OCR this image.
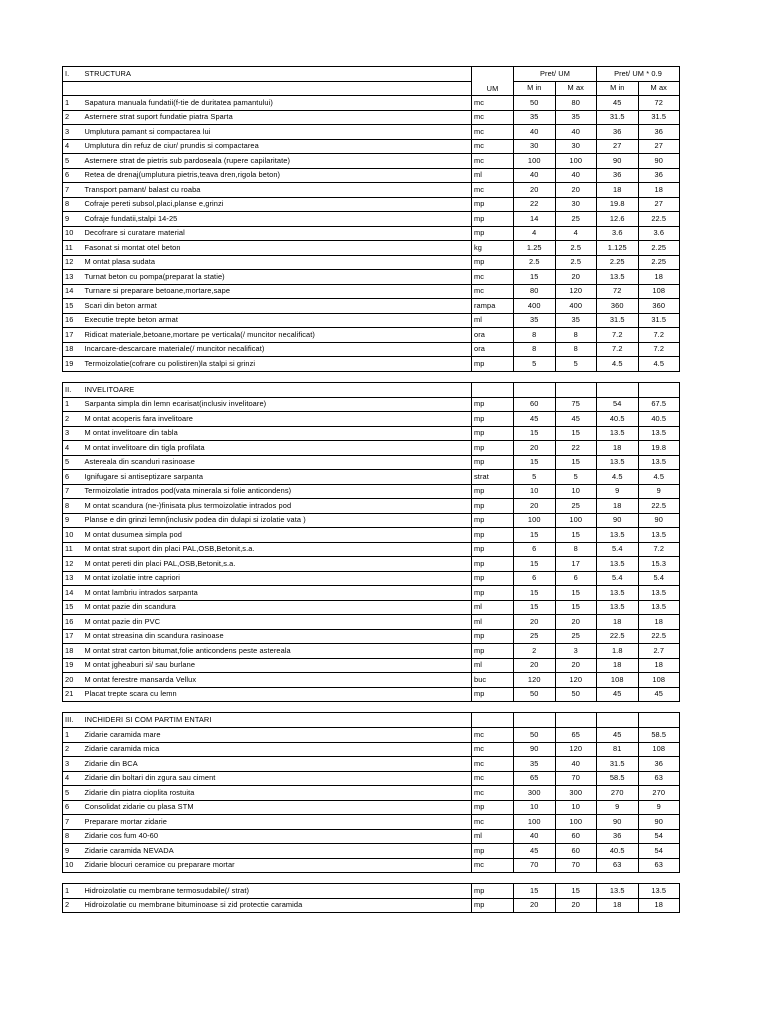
I.	STRUCTURA	UM	Pret/ UM		Pret/ UM * 0.9	
			M in	M ax	M in	M ax
1	Sapatura manuala fundatii(f-tie de duritatea pamantului)	mc	50	80	45	72
2	Asternere strat suport fundatie piatra Sparta	mc	35	35	31.5	31.5
3	Umplutura pamant si compactarea lui	mc	40	40	36	36
4	Umplutura din refuz de ciur/ prundis si compactarea	mc	30	30	27	27
5	Asternere strat de pietris sub pardoseala (rupere capilaritate)	mc	100	100	90	90
6	Retea de drenaj(umplutura pietris,teava dren,rigola beton)	ml	40	40	36	36
7	Transport pamant/ balast cu roaba	mc	20	20	18	18
8	Cofraje pereti subsol,placi,planse e,grinzi	mp	22	30	19.8	27
9	Cofraje fundatii,stalpi 14-25	mp	14	25	12.6	22.5
10	Decofrare si curatare material	mp	4	4	3.6	3.6
11	Fasonat si montat otel beton	kg	1.25	2.5	1.125	2.25
12	M ontat plasa sudata	mp	2.5	2.5	2.25	2.25
13	Turnat beton cu pompa(preparat la statie)	mc	15	20	13.5	18
14	Turnare si preparare betoane,mortare,sape	mc	80	120	72	108
15	Scari din beton armat	rampa	400	400	360	360
16	Executie trepte beton armat	ml	35	35	31.5	31.5
17	Ridicat materiale,betoane,mortare pe verticala(/ muncitor necalificat)	ora	8	8	7.2	7.2
18	Incarcare-descarcare materiale(/ muncitor necalificat)	ora	8	8	7.2	7.2
19	Termoizolatie(cofrare cu polistiren)la stalpi si grinzi	mp	5	5	4.5	4.5

II.	INVELITOARE					
1	Sarpanta simpla din lemn ecarisat(inclusiv invelitoare)	mp	60	75	54	67.5
2	M ontat acoperis fara invelitoare	mp	45	45	40.5	40.5
3	M ontat invelitoare din tabla	mp	15	15	13.5	13.5
4	M ontat invelitoare din tigla profilata	mp	20	22	18	19.8
5	Astereala din scanduri rasinoase	mp	15	15	13.5	13.5
6	Ignifugare si antiseptizare sarpanta	strat	5	5	4.5	4.5
7	Termoizolatie intrados pod(vata minerala si folie anticondens)	mp	10	10	9	9
8	M ontat scandura (ne-)finisata plus termoizolatie intrados pod	mp	20	25	18	22.5
9	Planse e din grinzi lemn(inclusiv podea din dulapi si izolatie vata )	mp	100	100	90	90
10	M ontat dusumea simpla pod	mp	15	15	13.5	13.5
11	M ontat strat suport din placi PAL,OSB,Betonit,s.a.	mp	6	8	5.4	7.2
12	M ontat pereti din placi PAL,OSB,Betonit,s.a.	mp	15	17	13.5	15.3
13	M ontat izolatie intre capriori	mp	6	6	5.4	5.4
14	M ontat lambriu intrados sarpanta	mp	15	15	13.5	13.5
15	M ontat pazie din scandura	ml	15	15	13.5	13.5
16	M ontat pazie din PVC	ml	20	20	18	18
17	M ontat streasina din scandura rasinoase	mp	25	25	22.5	22.5
18	M ontat strat carton bitumat,folie anticondens peste astereala	mp	2	3	1.8	2.7
19	M ontat jgheaburi si/ sau burlane	ml	20	20	18	18
20	M ontat ferestre mansarda Vellux	buc	120	120	108	108
21	Placat trepte scara cu lemn	mp	50	50	45	45

III.	INCHIDERI SI COM PARTIM ENTARI					
1	Zidarie caramida mare	mc	50	65	45	58.5
2	Zidarie caramida mica	mc	90	120	81	108
3	Zidarie din BCA	mc	35	40	31.5	36
4	Zidarie din boltari din zgura sau ciment	mc	65	70	58.5	63
5	Zidarie din piatra cioplita rostuita	mc	300	300	270	270
6	Consolidat zidarie cu plasa STM	mp	10	10	9	9
7	Preparare mortar zidarie	mc	100	100	90	90
8	Zidarie cos fum 40-60	ml	40	60	36	54
9	Zidarie caramida NEVADA	mp	45	60	40.5	54
10	Zidarie blocuri ceramice cu preparare mortar	mc	70	70	63	63

1	Hidroizolatie cu membrane termosudabile(/ strat)	mp	15	15	13.5	13.5
2	Hidroizolatie cu membrane bituminoase si zid protectie caramida	mp	20	20	18	18
